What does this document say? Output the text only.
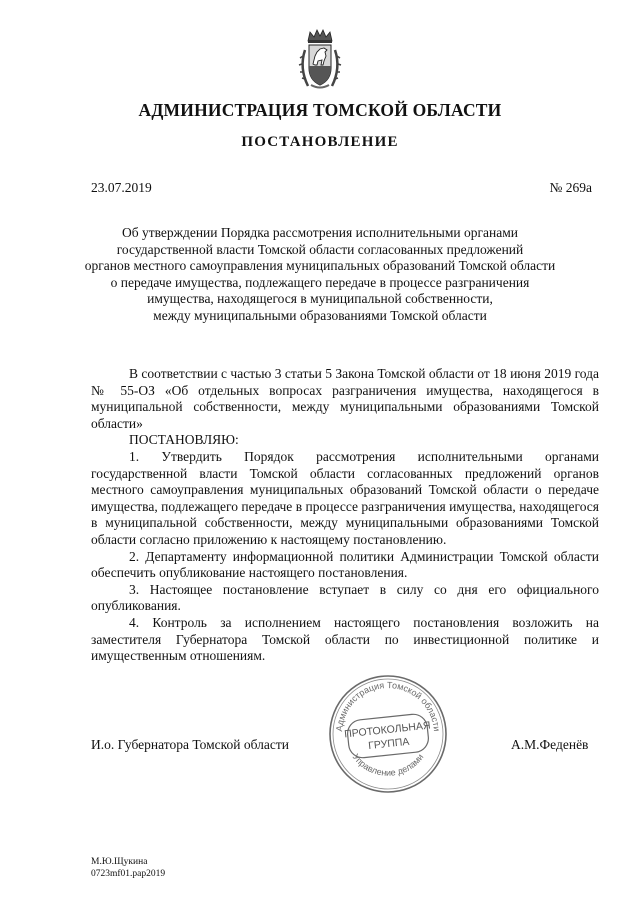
АДМИНИСТРАЦИЯ ТОМСКОЙ ОБЛАСТИ
ПОСТАНОВЛЕНИЕ
23.07.2019	№ 269а
Об утверждении Порядка рассмотрения исполнительными органами
государственной власти Томской области согласованных предложений
органов местного самоуправления муниципальных образований Томской области
о передаче имущества, подлежащего передаче в процессе разграничения
имущества, находящегося в муниципальной собственности,
между муниципальными образованиями Томской области

В соответствии с частью 3 статьи 5 Закона Томской области от 18 июня 2019 года № 55-ОЗ «Об отдельных вопросах разграничения имущества, находящегося в муниципальной собственности, между муниципальными образованиями Томской области»

ПОСТАНОВЛЯЮ:

1. Утвердить Порядок рассмотрения исполнительными органами государственной власти Томской области согласованных предложений органов местного самоуправления муниципальных образований Томской области о передаче имущества, подлежащего передаче в процессе разграничения имущества, находящегося в муниципальной собственности, между муниципальными образованиями Томской области согласно приложению к настоящему постановлению.

2. Департаменту информационной политики Администрации Томской области обеспечить опубликование настоящего постановления.

3. Настоящее постановление вступает в силу со дня его официального опубликования.

4. Контроль за исполнением настоящего постановления возложить на заместителя Губернатора Томской области по инвестиционной политике и имущественным отношениям.

И.о. Губернатора Томской области	А.М.Феденёв
Администрация Томской области
Управление делами
ПРОТОКОЛЬНАЯ
ГРУППА
М.Ю.Щукина
0723mf01.pap2019
